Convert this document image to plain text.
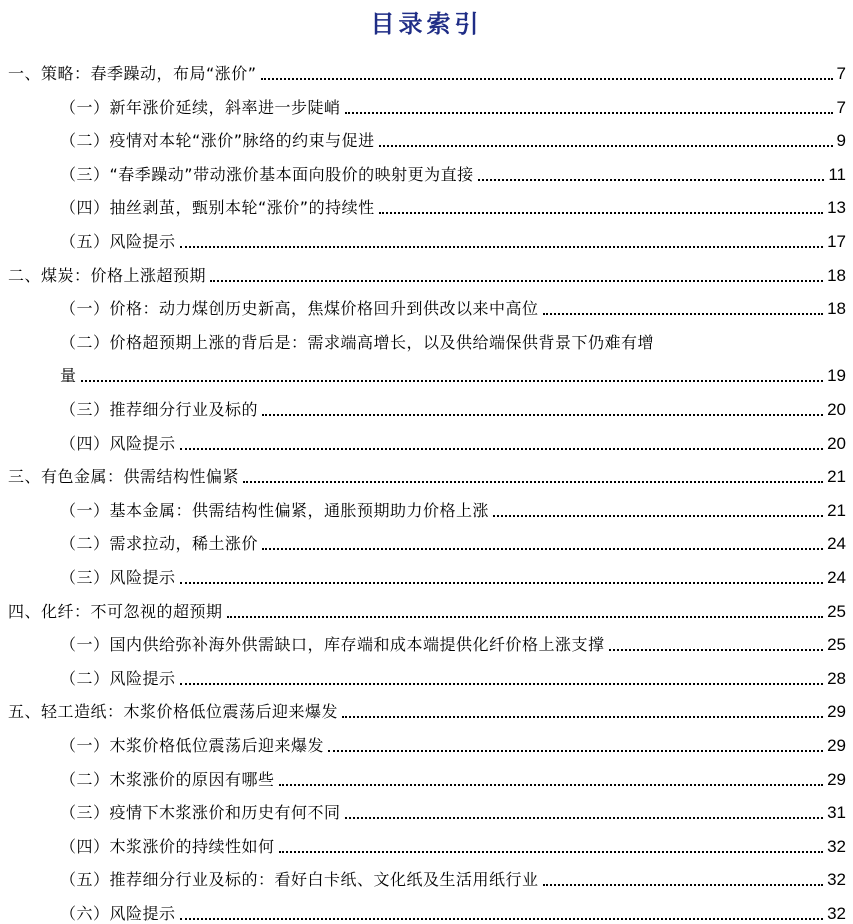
目录索引
一、策略：春季躁动，布局“涨价”	7
（一）新年涨价延续，斜率进一步陡峭	7
（二）疫情对本轮“涨价”脉络的约束与促进	9
（三）“春季躁动”带动涨价基本面向股价的映射更为直接	11
（四）抽丝剥茧，甄别本轮“涨价”的持续性	13
（五）风险提示	17
二、煤炭：价格上涨超预期	18
（一）价格：动力煤创历史新高，焦煤价格回升到供改以来中高位	18
（二）价格超预期上涨的背后是：需求端高增长，以及供给端保供背景下仍难有增
量	19
（三）推荐细分行业及标的	20
（四）风险提示	20
三、有色金属：供需结构性偏紧	21
（一）基本金属：供需结构性偏紧，通胀预期助力价格上涨	21
（二）需求拉动，稀土涨价	24
（三）风险提示	24
四、化纤：不可忽视的超预期	25
（一）国内供给弥补海外供需缺口，库存端和成本端提供化纤价格上涨支撑	25
（二）风险提示	28
五、轻工造纸：木浆价格低位震荡后迎来爆发	29
（一）木浆价格低位震荡后迎来爆发	29
（二）木浆涨价的原因有哪些	29
（三）疫情下木浆涨价和历史有何不同	31
（四）木浆涨价的持续性如何	32
（五）推荐细分行业及标的：看好白卡纸、文化纸及生活用纸行业	32
（六）风险提示	32
